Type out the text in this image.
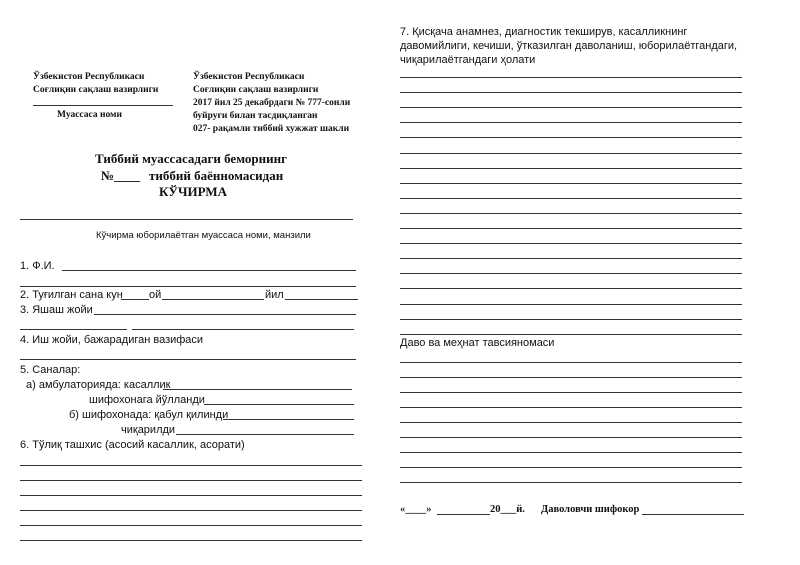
Ўзбекистон Республикаси
Соғлиқни сақлаш вазирлиги
Муассаса номи
Ўзбекистон Республикаси
Соғлиқни сақлаш вазирлиги
2017 йил 25 декабрдаги № 777-сонли
буйруғи билан тасдиқланган
027- рақамли тиббий хужжат шакли
Тиббий муассасадаги беморнинг
№____ тиббий баённомасидан
КЎЧИРМА
Кўчирма юборилаётган муассаса номи, манзили
1. Ф.И.
2. Туғилган сана кун ой	йил
3. Яшаш жойи
4. Иш жойи, бажарадиган вазифаси
5. Саналар:
а) амбулаторияда: касаллик
шифохонага йўлланди
б) шифохонада: қабул қилинди
чиқарилди
6. Тўлиқ ташхис (асосий касаллик, асорати)
7. Қисқача анамнез, диагностик текширув, касалликнинг
давомийлиги, кечиши, ўтказилган даволаниш, юборилаётгандаги,
чиқарилаётгандаги ҳолати
Даво ва меҳнат тавсияномаси
«____»	20___й. Даволовчи шифокор
